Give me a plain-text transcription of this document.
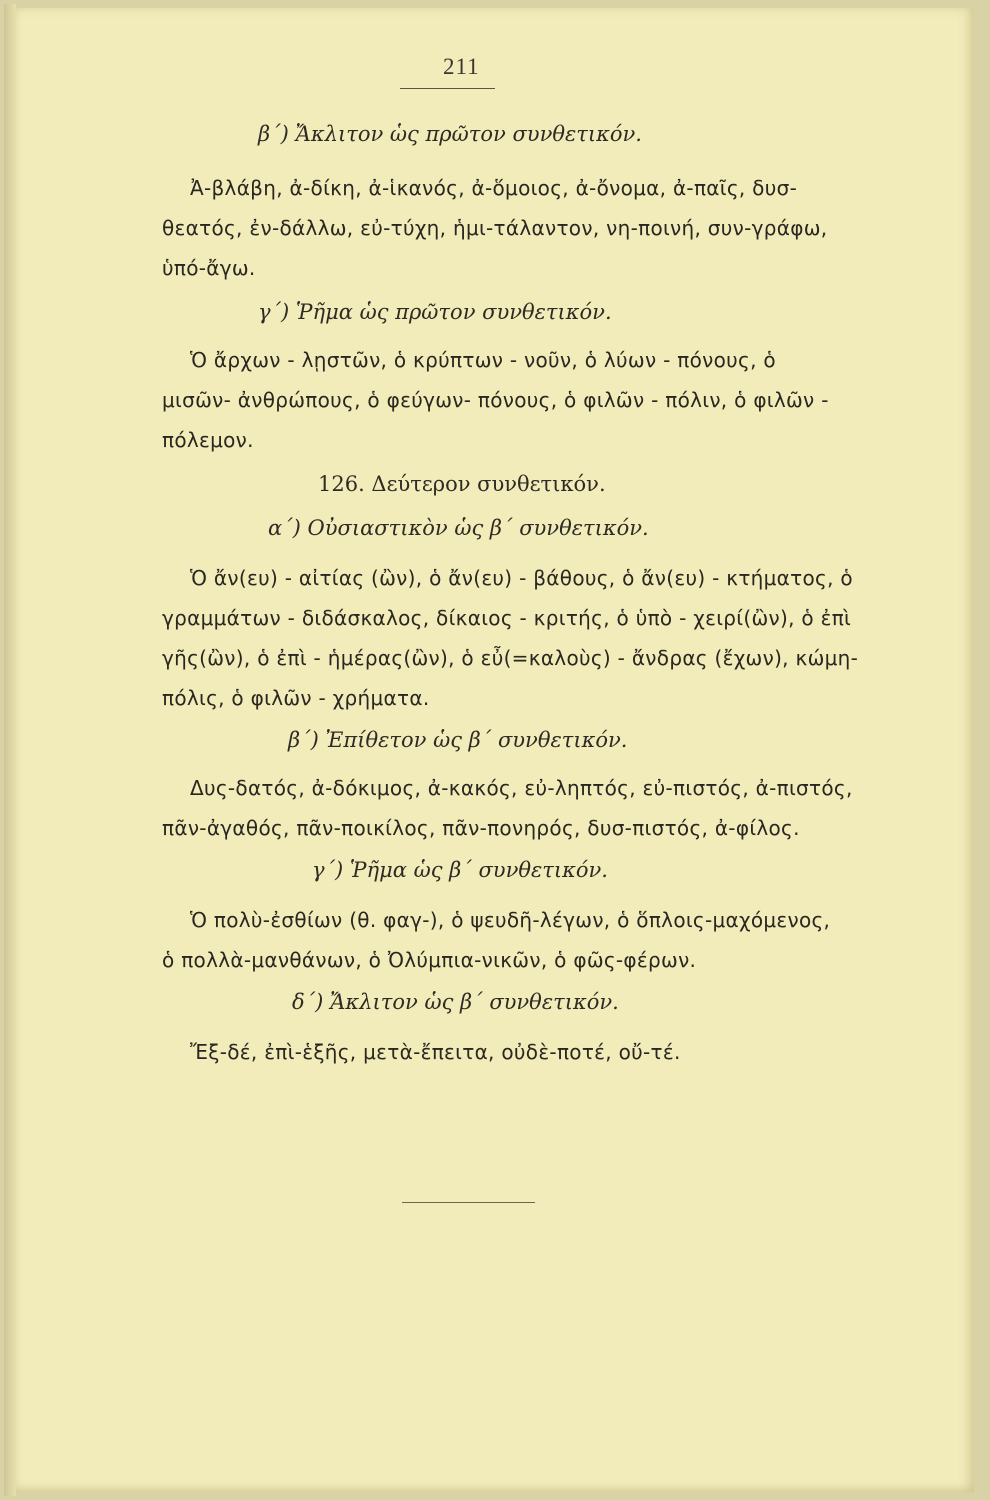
211
β΄) Ἄκλιτον ὡς πρῶτον συνθετικόν.
Ἀ-βλάβη, ἀ-δίκη, ἀ-ἱκανός, ἀ-ὅμοιος, ἀ-ὄνομα, ἀ-παῖς, δυσ-
θεατός, ἐν-δάλλω, εὐ-τύχη, ἡμι-τάλαντον, νη-ποινή, συν-γράφω,
ὑπό-ἄγω.
γ΄) Ῥῆμα ὡς πρῶτον συνθετικόν.
Ὁ ἄρχων - λῃστῶν, ὁ κρύπτων - νοῦν, ὁ λύων - πόνους, ὁ
μισῶν- ἀνθρώπους, ὁ φεύγων- πόνους, ὁ φιλῶν - πόλιν, ὁ φιλῶν -
πόλεμον.
126. Δεύτερον συνθετικόν.
α΄) Οὐσιαστικὸν ὡς β΄ συνθετικόν.
Ὁ ἄν(ευ) - αἰτίας (ὢν), ὁ ἄν(ευ) - βάθους, ὁ ἄν(ευ) - κτήματος, ὁ
γραμμάτων - διδάσκαλος, δίκαιος - κριτής, ὁ ὑπὸ - χειρί(ὢν), ὁ ἐπὶ
γῆς(ὢν), ὁ ἐπὶ - ἡμέρας(ὢν), ὁ εὖ(=καλοὺς) - ἄνδρας (ἔχων), κώμη-
πόλις, ὁ φιλῶν - χρήματα.
β΄) Ἐπίθετον ὡς β΄ συνθετικόν.
Δυς-δατός, ἀ-δόκιμος, ἀ-κακός, εὐ-ληπτός, εὐ-πιστός, ἀ-πιστός,
πᾶν-ἀγαθός, πᾶν-ποικίλος, πᾶν-πονηρός, δυσ-πιστός, ἀ-φίλος.
γ΄) Ῥῆμα ὡς β΄ συνθετικόν.
Ὁ πολὺ-ἐσθίων (θ. φαγ-), ὁ ψευδῆ-λέγων, ὁ ὅπλοις-μαχόμενος,
ὁ πολλὰ-μανθάνων, ὁ Ὀλύμπια-νικῶν, ὁ φῶς-φέρων.
δ΄) Ἄκλιτον ὡς β΄ συνθετικόν.
Ἔξ-δέ, ἐπὶ-ἑξῆς, μετὰ-ἔπειτα, οὐδὲ-ποτέ, οὔ-τέ.
